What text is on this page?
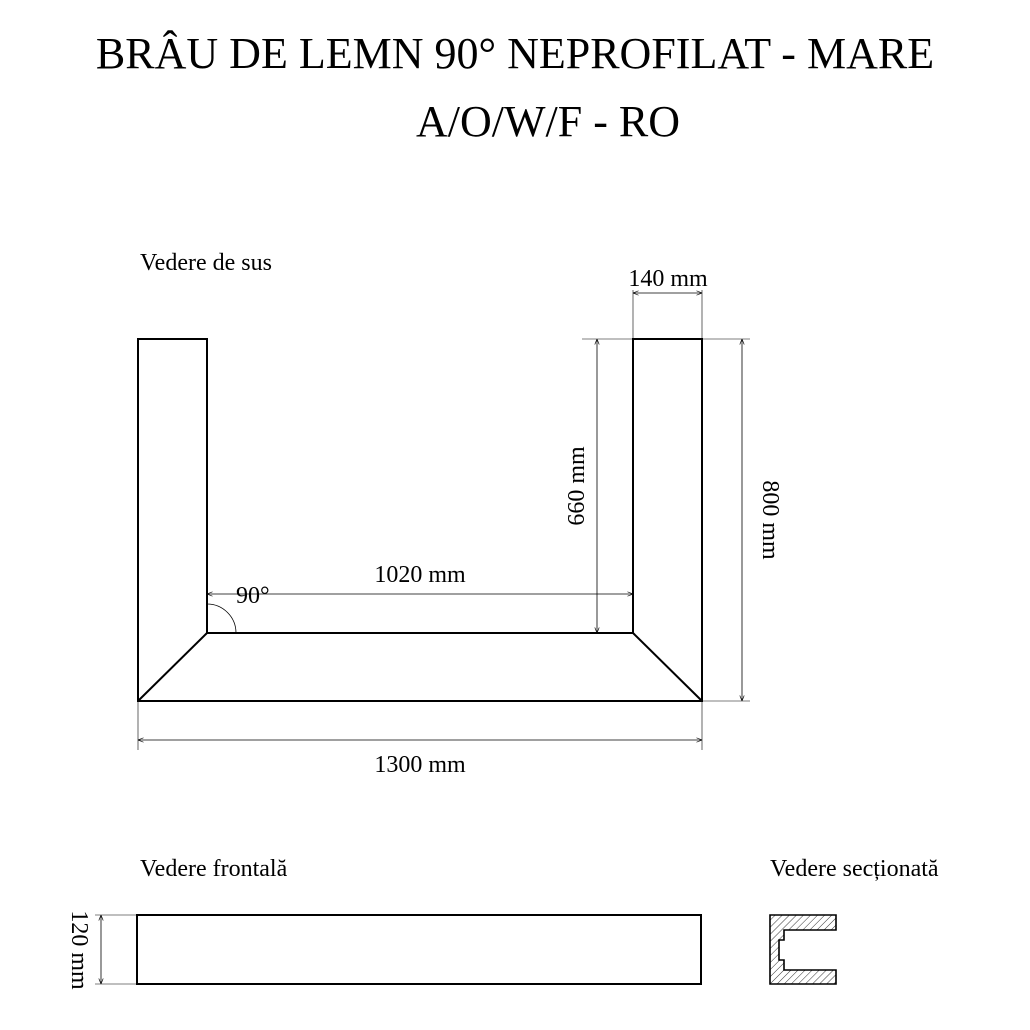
BRÂU DE LEMN 90° NEPROFILAT - MARE
A/O/W/F - RO
Vedere de sus
Vedere frontală	Vedere secționată
140 mm
660 mm	800 mm
1020 mm
90°
1300 mm
120 mm
